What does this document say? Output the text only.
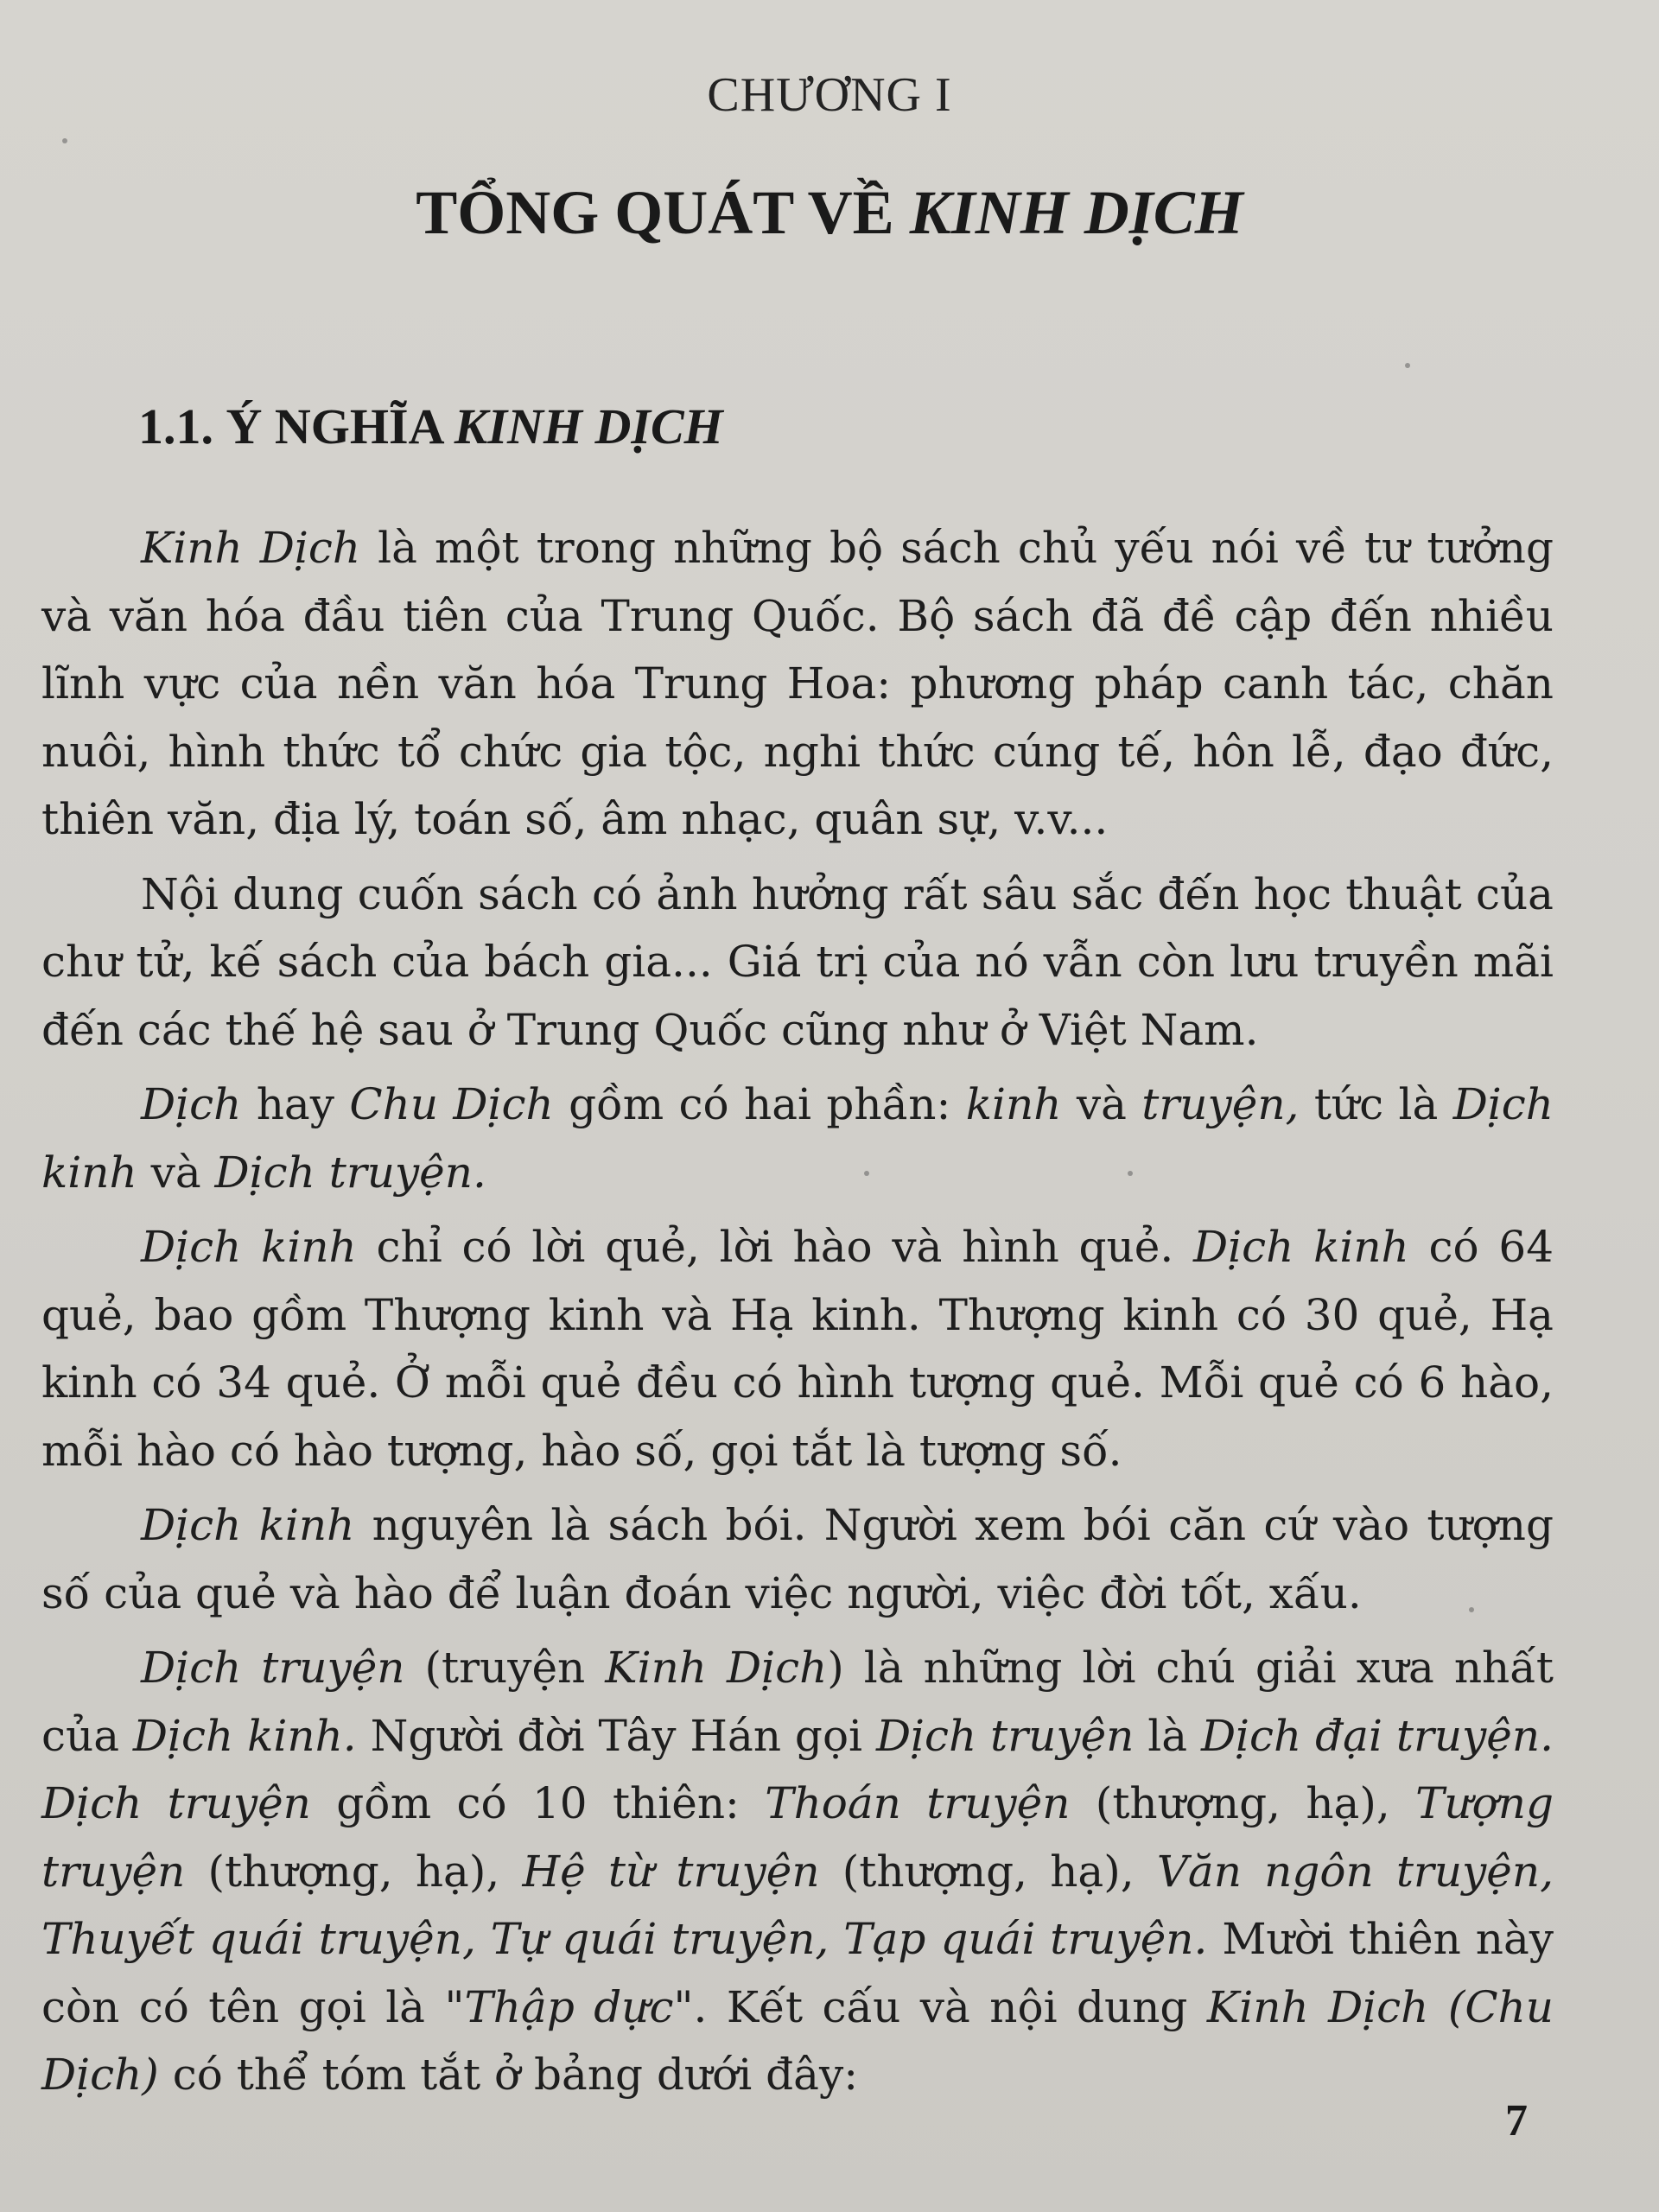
CHƯƠNG I
TỔNG QUÁT VỀ KINH DỊCH
1.1. Ý NGHĨA KINH DỊCH

Kinh Dịch là một trong những bộ sách chủ yếu nói về tư tưởng và văn hóa đầu tiên của Trung Quốc. Bộ sách đã đề cập đến nhiều lĩnh vực của nền văn hóa Trung Hoa: phương pháp canh tác, chăn nuôi, hình thức tổ chức gia tộc, nghi thức cúng tế, hôn lễ, đạo đức, thiên văn, địa lý, toán số, âm nhạc, quân sự, v.v...

Nội dung cuốn sách có ảnh hưởng rất sâu sắc đến học thuật của chư tử, kế sách của bách gia... Giá trị của nó vẫn còn lưu truyền mãi đến các thế hệ sau ở Trung Quốc cũng như ở Việt Nam.

Dịch hay Chu Dịch gồm có hai phần: kinh và truyện, tức là Dịch kinh và Dịch truyện.

Dịch kinh chỉ có lời quẻ, lời hào và hình quẻ. Dịch kinh có 64 quẻ, bao gồm Thượng kinh và Hạ kinh. Thượng kinh có 30 quẻ, Hạ kinh có 34 quẻ. Ở mỗi quẻ đều có hình tượng quẻ. Mỗi quẻ có 6 hào, mỗi hào có hào tượng, hào số, gọi tắt là tượng số.

Dịch kinh nguyên là sách bói. Người xem bói căn cứ vào tượng số của quẻ và hào để luận đoán việc người, việc đời tốt, xấu.

Dịch truyện (truyện Kinh Dịch) là những lời chú giải xưa nhất của Dịch kinh. Người đời Tây Hán gọi Dịch truyện là Dịch đại truyện. Dịch truyện gồm có 10 thiên: Thoán truyện (thượng, hạ), Tượng truyện (thượng, hạ), Hệ từ truyện (thượng, hạ), Văn ngôn truyện, Thuyết quái truyện, Tự quái truyện, Tạp quái truyện. Mười thiên này còn có tên gọi là "Thập dực". Kết cấu và nội dung Kinh Dịch (Chu Dịch) có thể tóm tắt ở bảng dưới đây:

7
